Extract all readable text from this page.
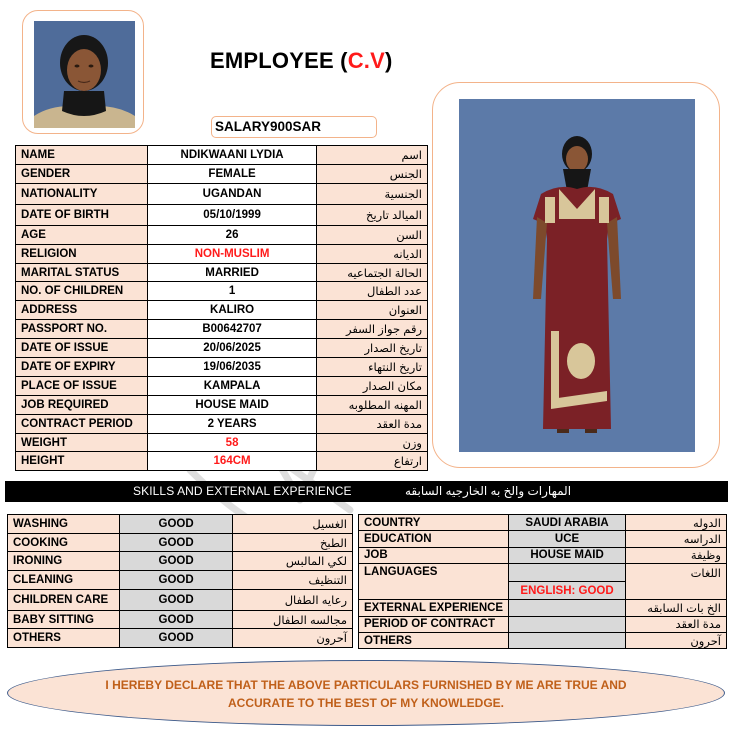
EMPLOYEE (C.V)
SALARY900SAR
NAME	NDIKWAANI LYDIA	اسم
GENDER	FEMALE	الجنس
NATIONALITY	UGANDAN	الجنسية
DATE OF BIRTH	05/10/1999	الميالد تاريخ
AGE	26	السن
RELIGION	NON-MUSLIM	الديانه
MARITAL STATUS	MARRIED	الحالة الجتماعيه
NO. OF CHILDREN	1	عدد الطفال
ADDRESS	KALIRO	العنوان
PASSPORT NO.	B00642707	رقم جواز السفر
DATE OF ISSUE	20/06/2025	تاريخ الصدار
DATE OF EXPIRY	19/06/2035	تاريخ النتهاء
PLACE OF ISSUE	KAMPALA	مكان الصدار
JOB REQUIRED	HOUSE MAID	المهنه المطلوبه
CONTRACT PERIOD	2 YEARS	مدة العقد
WEIGHT	58	وزن
HEIGHT	164CM	ارتفاع
SKILLS AND EXTERNAL EXPERIENCE	المهارات والخ به الخارجيه السابقه
WASHING	GOOD	الغسيل
COOKING	GOOD	الطبخ
IRONING	GOOD	لكي المالبس
CLEANING	GOOD	التنظيف
CHILDREN CARE	GOOD	رعايه الطفال
BABY SITTING	GOOD	مجالسه الطفال
OTHERS	GOOD	آحرون
COUNTRY	SAUDI ARABIA	الدوله
EDUCATION	UCE	الدراسه
JOB	HOUSE MAID	وظيفة
LANGUAGES		اللغات
	ENGLISH: GOOD	
EXTERNAL EXPERIENCE		الخ بات السابقه
PERIOD OF CONTRACT		مدة العقد
OTHERS		آحرون
I HEREBY DECLARE THAT THE ABOVE PARTICULARS FURNISHED BY ME ARE TRUE AND
ACCURATE TO THE BEST OF MY KNOWLEDGE.
